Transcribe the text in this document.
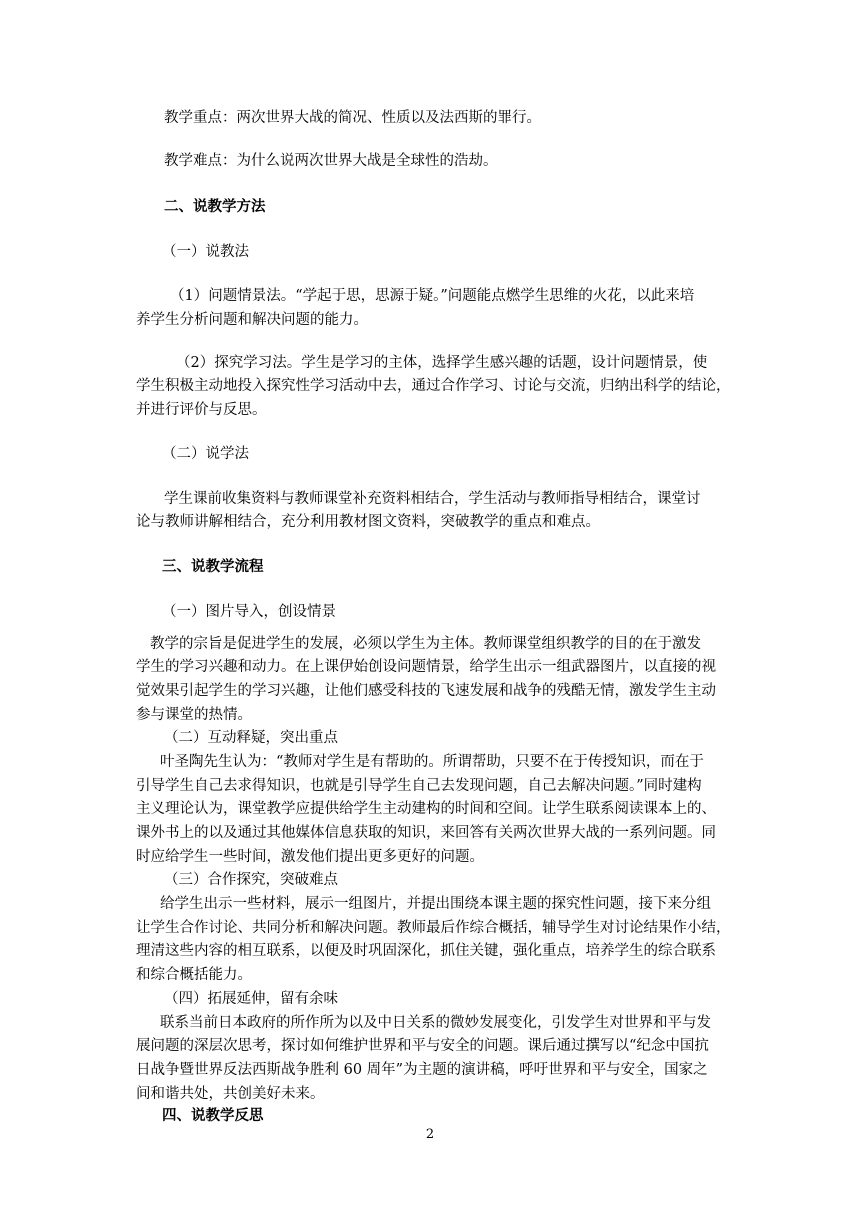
教学重点：两次世界大战的简况、性质以及法西斯的罪行。

教学难点：为什么说两次世界大战是全球性的浩劫。

二、说教学方法

（一）说教法

（1）问题情景法。“学起于思，思源于疑。”问题能点燃学生思维的火花，以此来培

养学生分析问题和解决问题的能力。

（2）探究学习法。学生是学习的主体，选择学生感兴趣的话题，设计问题情景，使

学生积极主动地投入探究性学习活动中去，通过合作学习、讨论与交流，归纳出科学的结论，

并进行评价与反思。

（二）说学法

学生课前收集资料与教师课堂补充资料相结合，学生活动与教师指导相结合，课堂讨

论与教师讲解相结合，充分利用教材图文资料，突破教学的重点和难点。

三、说教学流程

（一）图片导入，创设情景

教学的宗旨是促进学生的发展，必须以学生为主体。教师课堂组织教学的目的在于激发

学生的学习兴趣和动力。在上课伊始创设问题情景，给学生出示一组武器图片，以直接的视

觉效果引起学生的学习兴趣，让他们感受科技的飞速发展和战争的残酷无情，激发学生主动

参与课堂的热情。

（二）互动释疑，突出重点

叶圣陶先生认为：“教师对学生是有帮助的。所谓帮助，只要不在于传授知识，而在于

引导学生自己去求得知识，也就是引导学生自己去发现问题，自己去解决问题。”同时建构

主义理论认为，课堂教学应提供给学生主动建构的时间和空间。让学生联系阅读课本上的、

课外书上的以及通过其他媒体信息获取的知识，来回答有关两次世界大战的一系列问题。同

时应给学生一些时间，激发他们提出更多更好的问题。

（三）合作探究，突破难点

给学生出示一些材料，展示一组图片，并提出围绕本课主题的探究性问题，接下来分组

让学生合作讨论、共同分析和解决问题。教师最后作综合概括，辅导学生对讨论结果作小结，

理清这些内容的相互联系，以便及时巩固深化，抓住关键，强化重点，培养学生的综合联系

和综合概括能力。

（四）拓展延伸，留有余味

联系当前日本政府的所作所为以及中日关系的微妙发展变化，引发学生对世界和平与发

展问题的深层次思考，探讨如何维护世界和平与安全的问题。课后通过撰写以“纪念中国抗

日战争暨世界反法西斯战争胜利 60 周年”为主题的演讲稿，呼吁世界和平与安全，国家之

间和谐共处，共创美好未来。

四、说教学反思

2
